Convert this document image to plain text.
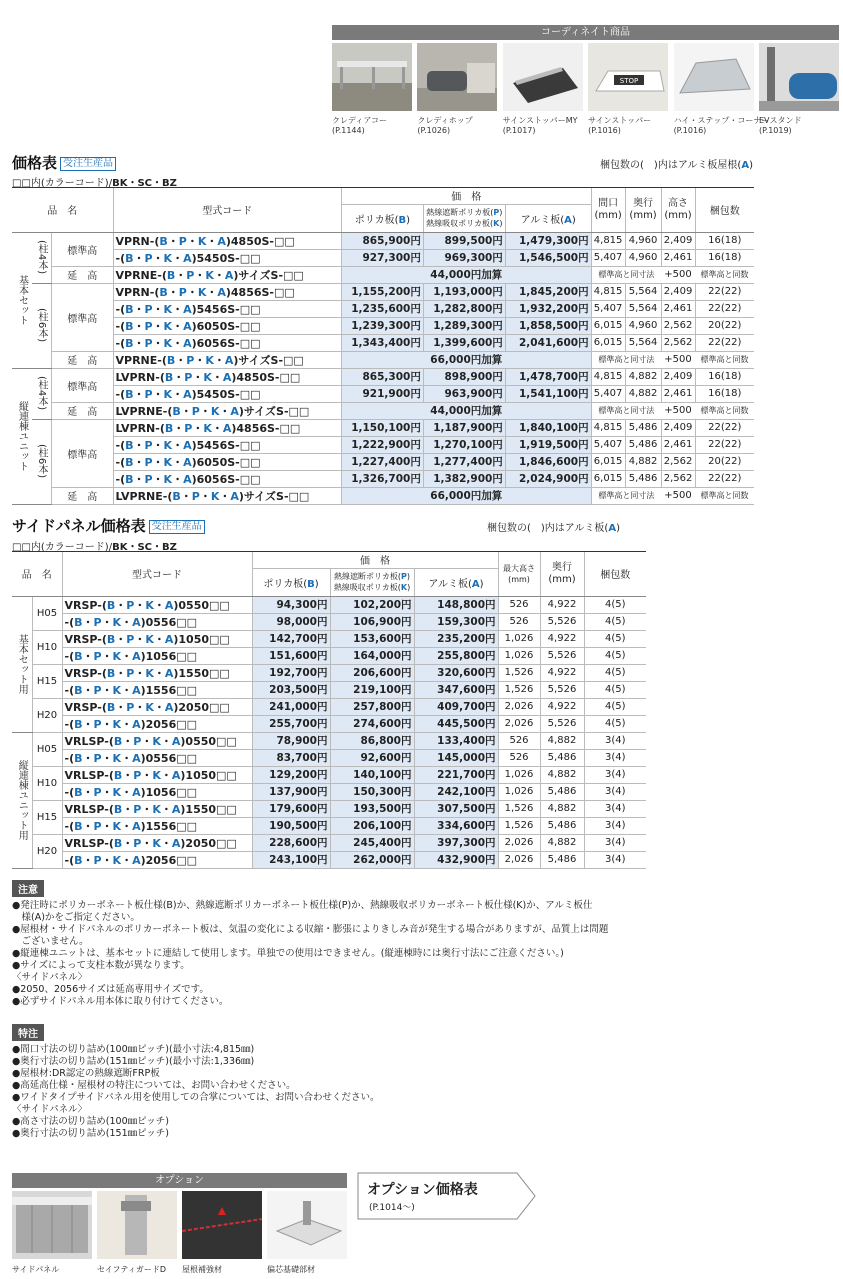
コーディネイト商品
クレディアコー
(P.1144)
クレディホップ
(P.1026)
サインストッパーMY
(P.1017)
STOP
サインストッパー
(P.1016)
ハイ・ステップ・コーナー
(P.1016)
EVスタンド
(P.1019)
価格表 受注生産品	梱包数の(　)内はアルミ板屋根(A)
□□内(カラーコード)/BK・SC・BZ
品　名			型式コード	価　格			間口
(mm)	奥行
(mm)	高さ
(mm)	梱包数
				ポリカ板(B)	熱線遮断ポリカ板(P)
熱線吸収ポリカ板(K)	アルミ板(A)				
基本セット	(柱4本)	標準高	VPRN-(B・P・K・A)4850S-□□	865,900円	899,500円	1,479,300円	4,815	4,960	2,409	16(18)
			-(B・P・K・A)5450S-□□	927,300円	969,300円	1,546,500円	5,407	4,960	2,461	16(18)
		延　高	VPRNE-(B・P・K・A)サイズS-□□	44,000円加算			標準高と同寸法		+500	標準高と同数
	(柱6本)	標準高	VPRN-(B・P・K・A)4856S-□□	1,155,200円	1,193,000円	1,845,200円	4,815	5,564	2,409	22(22)
			-(B・P・K・A)5456S-□□	1,235,600円	1,282,800円	1,932,200円	5,407	5,564	2,461	22(22)
			-(B・P・K・A)6050S-□□	1,239,300円	1,289,300円	1,858,500円	6,015	4,960	2,562	20(22)
			-(B・P・K・A)6056S-□□	1,343,400円	1,399,600円	2,041,600円	6,015	5,564	2,562	22(22)
		延　高	VPRNE-(B・P・K・A)サイズS-□□	66,000円加算			標準高と同寸法		+500	標準高と同数
縦連棟ユニット	(柱4本)	標準高	LVPRN-(B・P・K・A)4850S-□□	865,300円	898,900円	1,478,700円	4,815	4,882	2,409	16(18)
			-(B・P・K・A)5450S-□□	921,900円	963,900円	1,541,100円	5,407	4,882	2,461	16(18)
		延　高	LVPRNE-(B・P・K・A)サイズS-□□	44,000円加算			標準高と同寸法		+500	標準高と同数
	(柱6本)	標準高	LVPRN-(B・P・K・A)4856S-□□	1,150,100円	1,187,900円	1,840,100円	4,815	5,486	2,409	22(22)
			-(B・P・K・A)5456S-□□	1,222,900円	1,270,100円	1,919,500円	5,407	5,486	2,461	22(22)
			-(B・P・K・A)6050S-□□	1,227,400円	1,277,400円	1,846,600円	6,015	4,882	2,562	20(22)
			-(B・P・K・A)6056S-□□	1,326,700円	1,382,900円	2,024,900円	6,015	5,486	2,562	22(22)
		延　高	LVPRNE-(B・P・K・A)サイズS-□□	66,000円加算			標準高と同寸法		+500	標準高と同数
サイドパネル価格表 受注生産品	梱包数の(　)内はアルミ板(A)
□□内(カラーコード)/BK・SC・BZ
品　名		型式コード	価　格			最大高さ
(mm)	奥行
(mm)	梱包数
			ポリカ板(B)	熱線遮断ポリカ板(P)
熱線吸収ポリカ板(K)	アルミ板(A)			
基本セット用	H05	VRSP-(B・P・K・A)0550□□	94,300円	102,200円	148,800円	526	4,922	4(5)
		-(B・P・K・A)0556□□	98,000円	106,900円	159,300円	526	5,526	4(5)
	H10	VRSP-(B・P・K・A)1050□□	142,700円	153,600円	235,200円	1,026	4,922	4(5)
		-(B・P・K・A)1056□□	151,600円	164,000円	255,800円	1,026	5,526	4(5)
	H15	VRSP-(B・P・K・A)1550□□	192,700円	206,600円	320,600円	1,526	4,922	4(5)
		-(B・P・K・A)1556□□	203,500円	219,100円	347,600円	1,526	5,526	4(5)
	H20	VRSP-(B・P・K・A)2050□□	241,000円	257,800円	409,700円	2,026	4,922	4(5)
		-(B・P・K・A)2056□□	255,700円	274,600円	445,500円	2,026	5,526	4(5)
縦連棟ユニット用	H05	VRLSP-(B・P・K・A)0550□□	78,900円	86,800円	133,400円	526	4,882	3(4)
		-(B・P・K・A)0556□□	83,700円	92,600円	145,000円	526	5,486	3(4)
	H10	VRLSP-(B・P・K・A)1050□□	129,200円	140,100円	221,700円	1,026	4,882	3(4)
		-(B・P・K・A)1056□□	137,900円	150,300円	242,100円	1,026	5,486	3(4)
	H15	VRLSP-(B・P・K・A)1550□□	179,600円	193,500円	307,500円	1,526	4,882	3(4)
		-(B・P・K・A)1556□□	190,500円	206,100円	334,600円	1,526	5,486	3(4)
	H20	VRLSP-(B・P・K・A)2050□□	228,600円	245,400円	397,300円	2,026	4,882	3(4)
		-(B・P・K・A)2056□□	243,100円	262,000円	432,900円	2,026	5,486	3(4)
注意
●発注時にポリカーボネート板仕様(B)か、熱線遮断ポリカーボネート板仕様(P)か、熱線吸収ポリカーボネート板仕様(K)か、アルミ板仕
　様(A)かをご指定ください。
●屋根材・サイドパネルのポリカーボネート板は、気温の変化による収縮・膨張によりきしみ音が発生する場合がありますが、品質上は問題
　ございません。
●縦連棟ユニットは、基本セットに連結して使用します。単独での使用はできません。(縦連棟時には奥行寸法にご注意ください。)
●サイズによって支柱本数が異なります。
〈サイドパネル〉
●2050、2056サイズは延高専用サイズです。
●必ずサイドパネル用本体に取り付けてください。
特注
●間口寸法の切り詰め(100㎜ピッチ)(最小寸法:4,815㎜)
●奥行寸法の切り詰め(151㎜ピッチ)(最小寸法:1,336㎜)
●屋根材:DR認定の熱線遮断FRP板
●高延高仕様・屋根材の特注については、お問い合わせください。
●ワイドタイプサイドパネル用を使用しての合掌については、お問い合わせください。
〈サイドパネル〉
●高さ寸法の切り詰め(100㎜ピッチ)
●奥行寸法の切り詰め(151㎜ピッチ)
オプション
サイドパネル	セイフティガードD	屋根補強材	偏芯基礎部材
オプション価格表
(P.1014〜)
